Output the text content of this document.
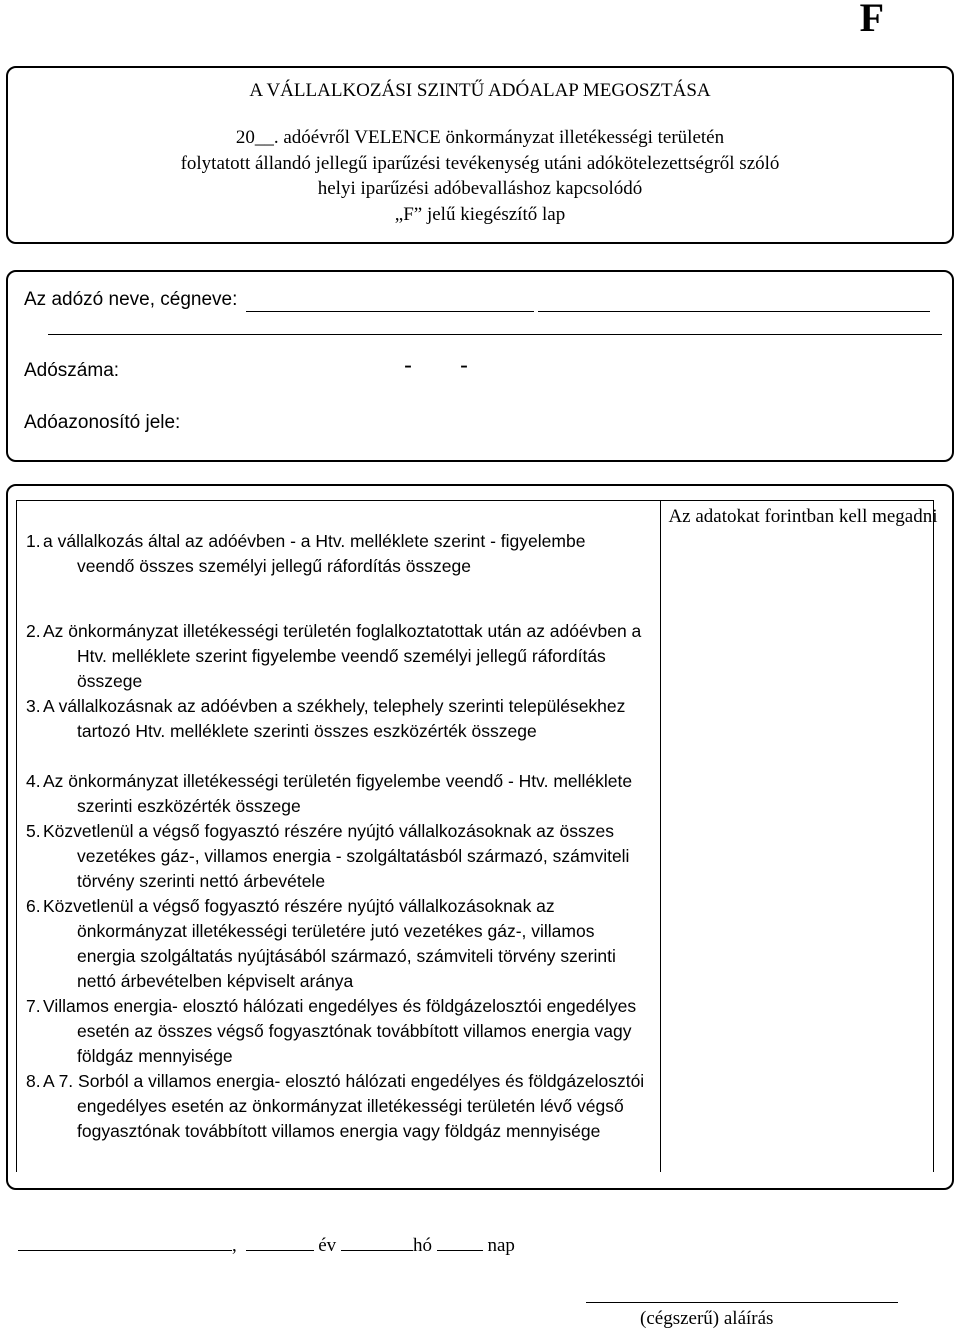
F
A VÁLLALKOZÁSI SZINTŰ ADÓALAP MEGOSZTÁSA
20__. adóévről VELENCE önkormányzat illetékességi területén
folytatott állandó jellegű iparűzési tevékenység utáni adókötelezettségről szóló
helyi iparűzési adóbevalláshoz kapcsolódó
„F” jelű kiegészítő lap
Az adózó neve, cégneve:
Adószáma:	- -
Adóazonosító jele:
Az adatokat forintban kell megadni
1. a vállalkozás által az adóévben - a Htv. melléklete szerint - figyelembe veendő összes személyi jellegű ráfordítás összege
2. Az önkormányzat illetékességi területén foglalkoztatottak után az adóévben a Htv. melléklete szerint figyelembe veendő személyi jellegű ráfordítás összege
3. A vállalkozásnak az adóévben a székhely, telephely szerinti településekhez tartozó Htv. melléklete szerinti összes eszközérték összege
4. Az önkormányzat illetékességi területén figyelembe veendő - Htv. melléklete szerinti eszközérték összege
5. Közvetlenül a végső fogyasztó részére nyújtó vállalkozásoknak az összes vezetékes gáz-, villamos energia - szolgáltatásból származó, számviteli törvény szerinti nettó árbevétele
6. Közvetlenül a végső fogyasztó részére nyújtó vállalkozásoknak az önkormányzat illetékességi területére jutó vezetékes gáz-, villamos energia szolgáltatás nyújtásából származó, számviteli törvény szerinti nettó árbevételben képviselt aránya
7. Villamos energia- elosztó hálózati engedélyes és földgázelosztói engedélyes esetén az összes végső fogyasztónak továbbított villamos energia vagy földgáz mennyisége
8. A 7. Sorból a villamos energia- elosztó hálózati engedélyes és földgázelosztói engedélyes esetén az önkormányzat illetékességi területén lévő végső fogyasztónak továbbított villamos energia vagy földgáz mennyisége
,	év	hó	nap
(cégszerű) aláírás
